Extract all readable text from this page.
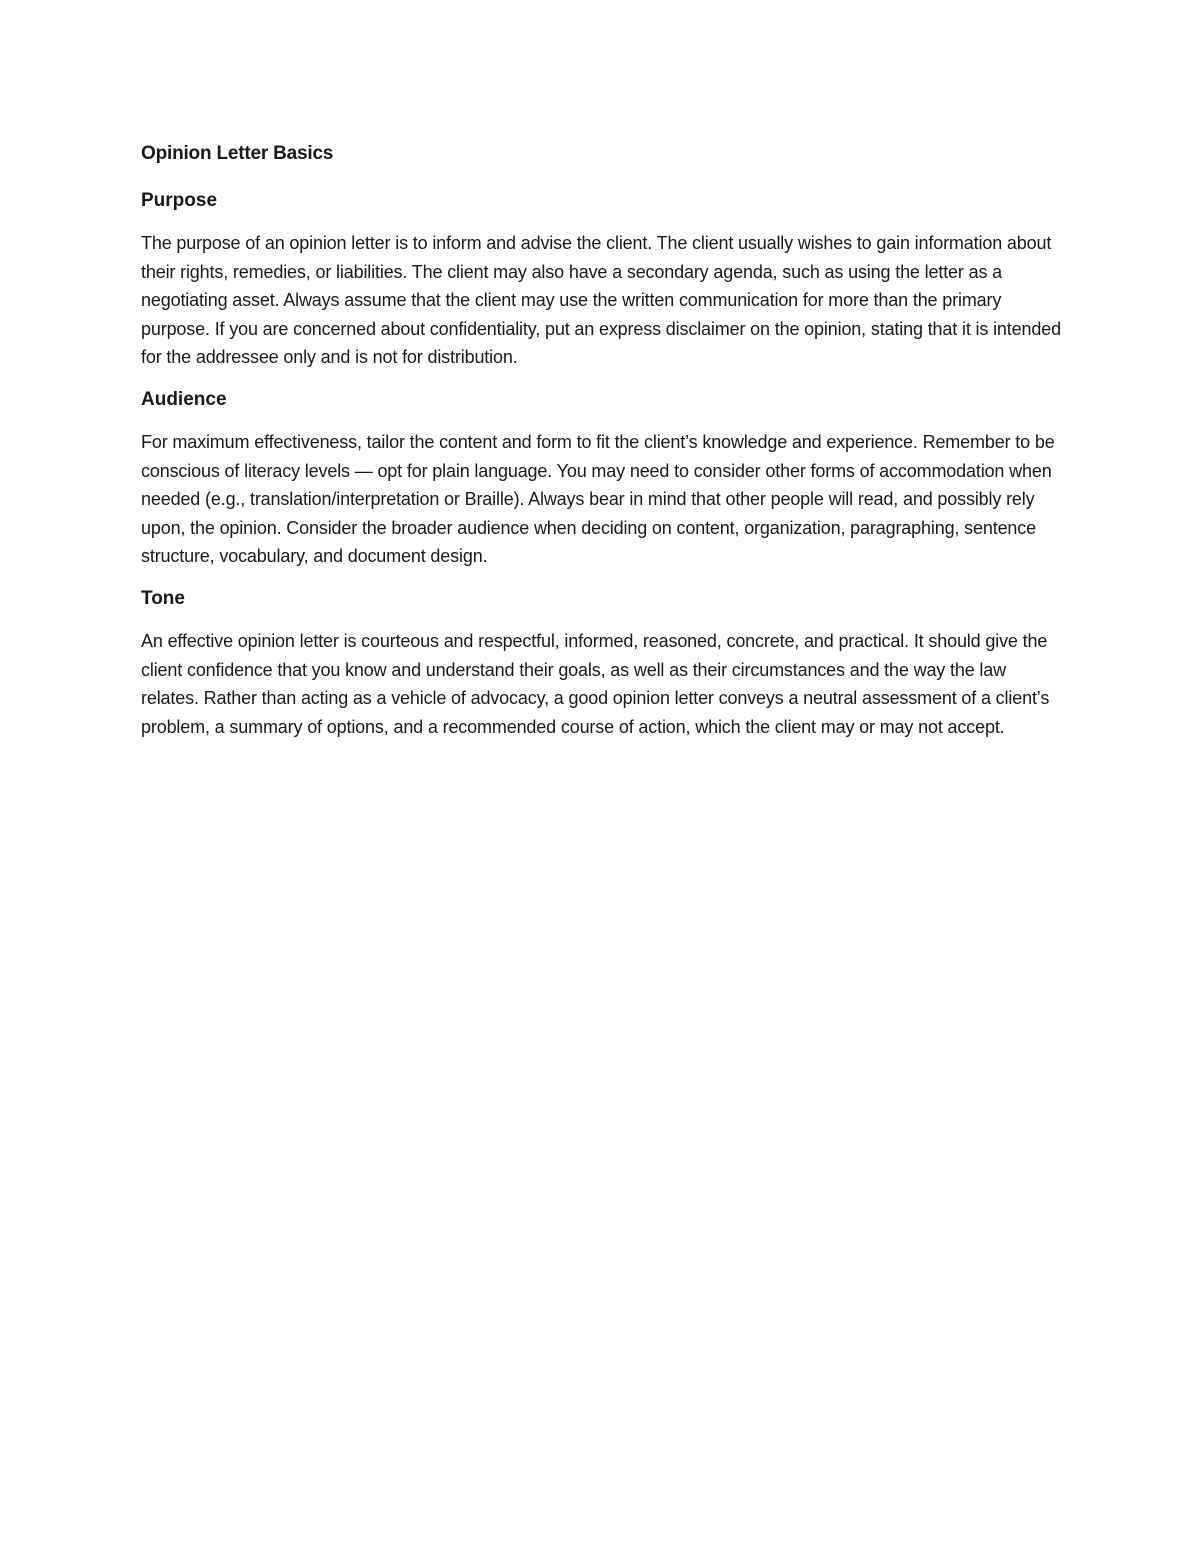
Opinion Letter Basics
Purpose

The purpose of an opinion letter is to inform and advise the client. The client usually wishes to gain information about their rights, remedies, or liabilities. The client may also have a secondary agenda, such as using the letter as a negotiating asset. Always assume that the client may use the written communication for more than the primary purpose. If you are concerned about confidentiality, put an express disclaimer on the opinion, stating that it is intended for the addressee only and is not for distribution.

Audience

For maximum effectiveness, tailor the content and form to fit the client’s knowledge and experience. Remember to be conscious of literacy levels — opt for plain language. You may need to consider other forms of accommodation when needed (e.g., translation/interpretation or Braille). Always bear in mind that other people will read, and possibly rely upon, the opinion. Consider the broader audience when deciding on content, organization, paragraphing, sentence structure, vocabulary, and document design.

Tone

An effective opinion letter is courteous and respectful, informed, reasoned, concrete, and practical. It should give the client confidence that you know and understand their goals, as well as their circumstances and the way the law relates. Rather than acting as a vehicle of advocacy, a good opinion letter conveys a neutral assessment of a client’s problem, a summary of options, and a recommended course of action, which the client may or may not accept.
